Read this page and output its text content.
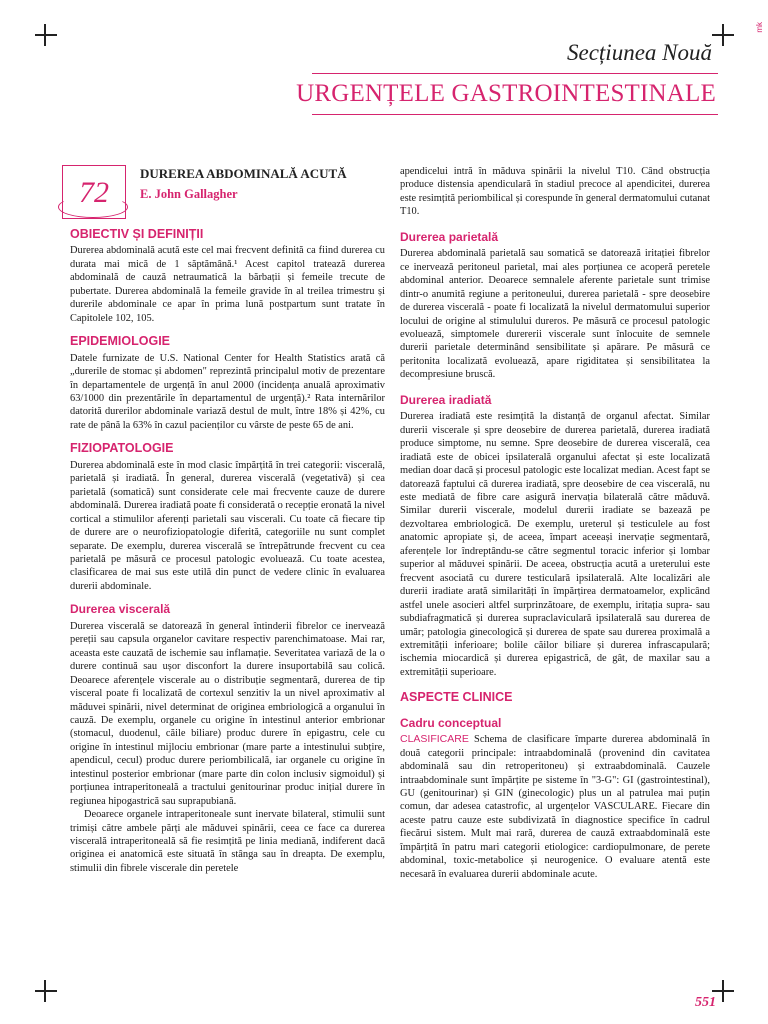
mk
Secțiunea Nouă
URGENȚELE GASTROINTESTINALE
72
DUREREA ABDOMINALĂ ACUTĂ
E. John Gallagher
OBIECTIV ȘI DEFINIȚII

Durerea abdominală acută este cel mai frecvent definită ca fiind durerea cu durata mai mică de 1 săptămână.¹ Acest capitol tratează durerea abdominală de cauză netraumatică la bărbații și femeile trecute de pubertate. Durerea abdominală la femeile gravide în al treilea trimestru și durerile abdominale ce apar în prima lună postpartum sunt tratate în Capitolele 102, 105.

EPIDEMIOLOGIE

Datele furnizate de U.S. National Center for Health Statistics arată că „durerile de stomac și abdomen" reprezintă principalul motiv de prezentare în departamentele de urgență în anul 2000 (incidența anuală aproximativ 63/1000 din prezentările în departamentul de urgență).² Rata internărilor datorită durerilor abdominale variază destul de mult, între 18% și 42%, cu rate de până la 63% în cazul pacienților cu vârste de peste 65 de ani.

FIZIOPATOLOGIE

Durerea abdominală este în mod clasic împărțită în trei categorii: viscerală, parietală și iradiată. În general, durerea viscerală (vegetativă) și cea parietală (somatică) sunt considerate cele mai frecvente cauze de durere abdominală. Durerea iradiată poate fi considerată o recepție eronată la nivel cortical a stimulilor aferenți parietali sau viscerali. Cu toate că fiecare tip de durere are o neurofiziopatologie diferită, categoriile nu sunt complet separate. De exemplu, durerea viscerală se întrepătrunde frecvent cu cea parietală pe măsură ce procesul patologic evoluează. Cu toate acestea, clasificarea de mai sus este utilă din punct de vedere clinic în evaluarea durerii abdominale.

Durerea viscerală

Durerea viscerală se datorează în general întinderii fibrelor ce inervează pereții sau capsula organelor cavitare respectiv parenchimatoase. Mai rar, aceasta este cauzată de ischemie sau inflamație. Severitatea variază de la o durere continuă sau ușor disconfort la durere insuportabilă sau colică. Deoarece aferențele viscerale au o distribuție segmentară, durerea de tip visceral poate fi localizată de cortexul senzitiv la un nivel aproximativ al măduvei spinării, nivel determinat de originea embriologică a organului în cauză. De exemplu, organele cu origine în intestinul anterior embrionar (stomacul, duodenul, căile biliare) produc durere în epigastru, cele cu origine în intestinul mijlociu embrionar (mare parte a intestinului subțire, apendicul, cecul) produc durere periombilicală, iar organele cu origine în intestinul posterior embrionar (mare parte din colon inclusiv sigmoidul) și porțiunea intraperitoneală a tractului genitourinar produc inițial durere în regiunea hipogastrică sau suprapubiană.

Deoarece organele intraperitoneale sunt inervate bilateral, stimulii sunt trimiși către ambele părți ale măduvei spinării, ceea ce face ca durerea viscerală intraperitoneală să fie resimțită pe linia mediană, indiferent dacă originea ei anatomică este situată în stânga sau în dreapta. De exemplu, stimulii din fibrele viscerale din peretele

apendicelui intră în măduva spinării la nivelul T10. Când obstrucția produce distensia apendiculară în stadiul precoce al apendicitei, durerea este resimțită periombilical și corespunde în general dermatomului cutanat T10.

Durerea parietală

Durerea abdominală parietală sau somatică se datorează iritației fibrelor ce inervează peritoneul parietal, mai ales porțiunea ce acoperă peretele abdominal anterior. Deoarece semnalele aferente parietale sunt trimise dintr-o anumită regiune a peritoneului, durerea parietală - spre deosebire de durerea viscerală - poate fi localizată la nivelul dermatomului superior locului de origine al stimulului dureros. Pe măsură ce procesul patologic evoluează, simptomele durererii viscerale sunt înlocuite de semnele durerii parietale determinând sensibilitate și apărare. Pe măsură ce peritonita localizată evoluează, apare rigiditatea și sensibilitatea la decompresiune bruscă.

Durerea iradiată

Durerea iradiată este resimțită la distanță de organul afectat. Similar durerii viscerale și spre deosebire de durerea parietală, durerea iradiată produce simptome, nu semne. Spre deosebire de durerea viscerală, cea iradiată este de obicei ipsilaterală organului afectat și este localizată median doar dacă și procesul patologic este localizat median. Acest fapt se datorează faptului că durerea iradiată, spre deosebire de cea viscerală, nu este mediată de fibre care asigură inervația bilaterală către măduvă. Similar durerii viscerale, modelul durerii iradiate se bazează pe dezvoltarea embriologică. De exemplu, ureterul și testiculele au fost anatomic apropiate și, de aceea, împart aceeași inervație segmentară, aferențele lor îndreptându-se către segmentul toracic inferior și lombar superior al măduvei spinării. De aceea, obstrucția acută a ureterului este frecvent asociată cu durere testiculară ipsilaterală. Alte localizări ale durerii iradiate arată similarități în împărțirea dermatoamelor, explicând astfel unele asocieri altfel surprinzătoare, de exemplu, iritația supra- sau subdiafragmatică și durerea supraclaviculară ipsilaterală sau durerea de umăr; patologia ginecologică și durerea de spate sau durerea proximală a extremității inferioare; bolile căilor biliare și durerea infrascapulară; ischemia miocardică și durerea epigastrică, de gât, de maxilar sau a extremității superioare.

ASPECTE CLINICE
Cadru conceptual

CLASIFICARE Schema de clasificare împarte durerea abdominală în două categorii principale: intraabdominală (provenind din cavitatea abdominală sau din retroperitoneu) și extraabdominală. Cauzele intraabdominale sunt împărțite pe sisteme în "3-G": GI (gastrointestinal), GU (genitourinar) și GIN (ginecologic) plus un al patrulea mai puțin comun, dar adesea catastrofic, al urgențelor VASCULARE. Fiecare din aceste patru cauze este subdivizată în diagnostice specifice în cadrul fiecărui sistem. Mult mai rară, durerea de cauză extraabdominală este împărțită în patru mari categorii etiologice: cardiopulmonare, de perete abdominal, toxic-metabolice și neurogenice. O evaluare atentă este necesară în evaluarea durerii abdominale acute.

551
